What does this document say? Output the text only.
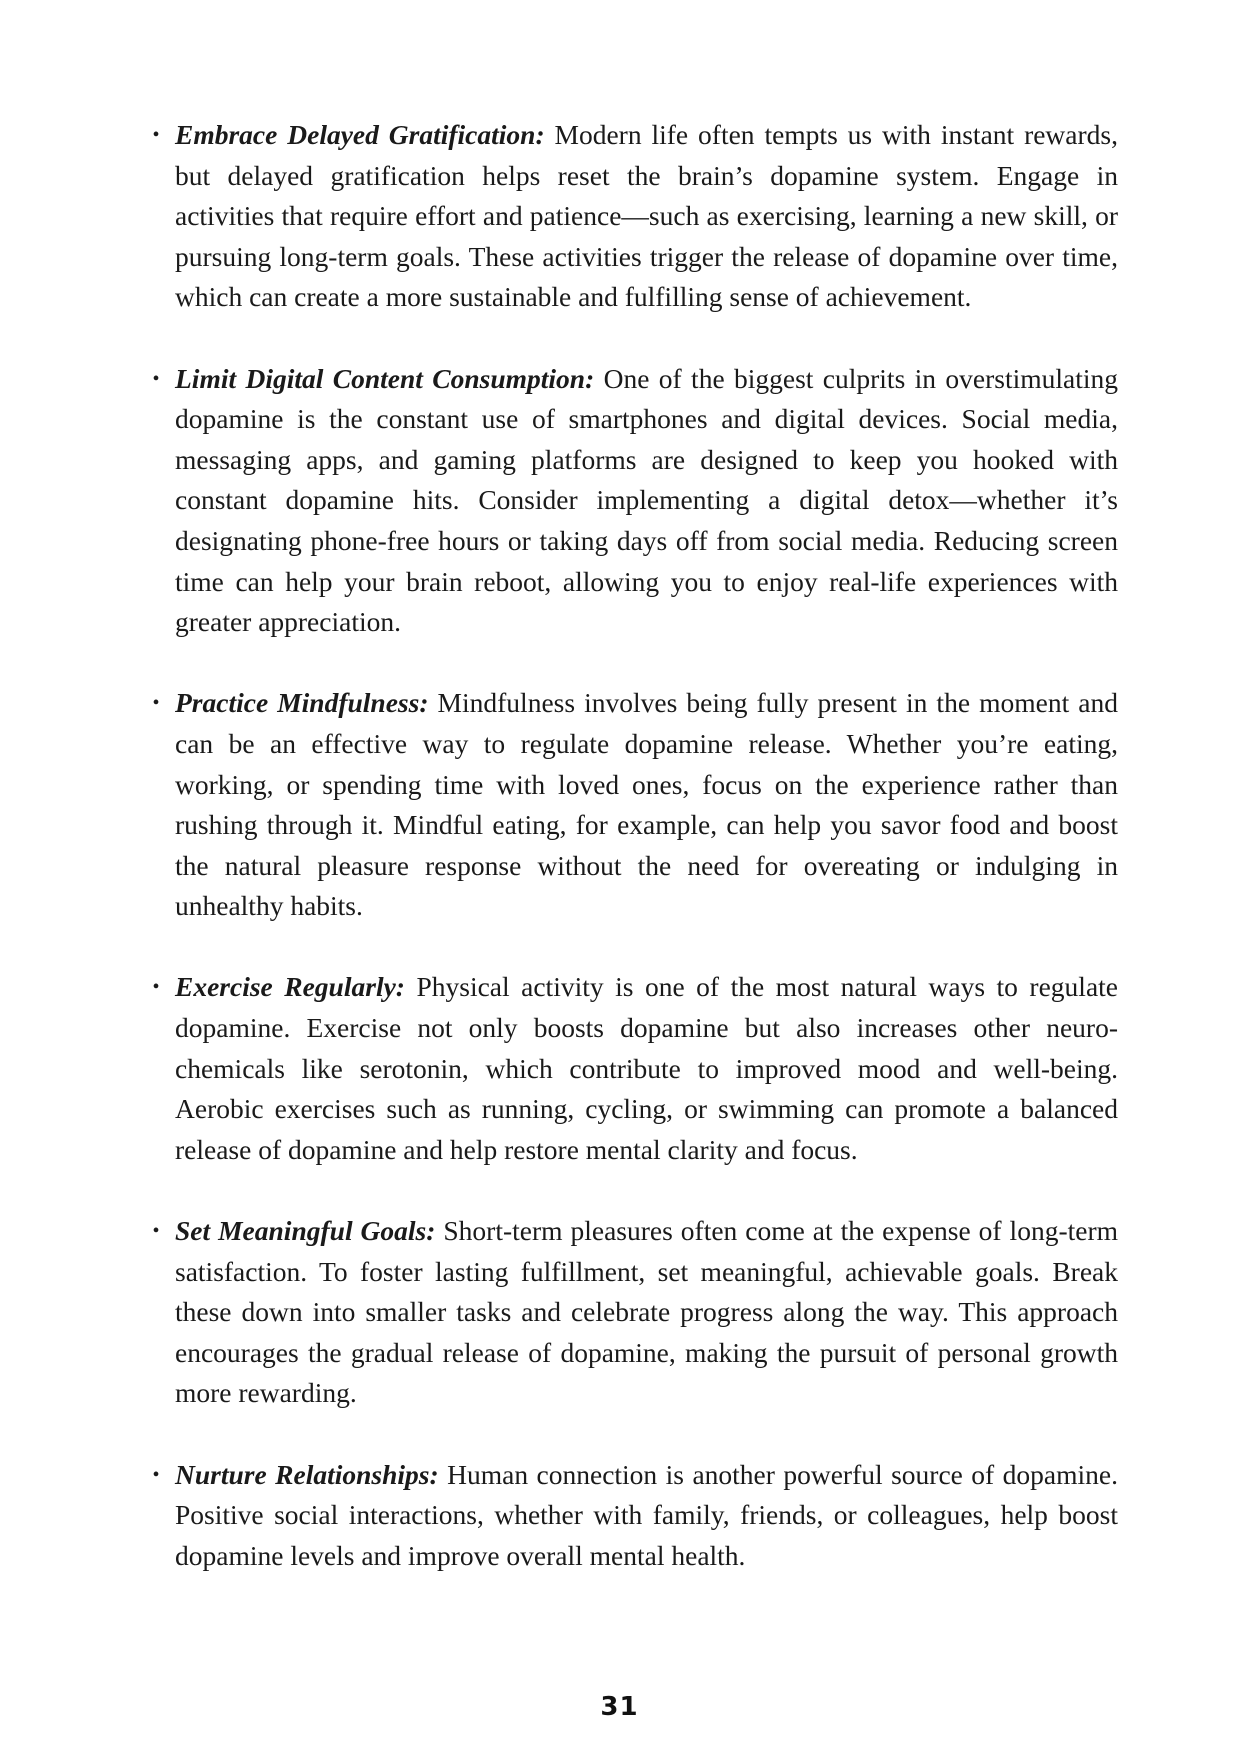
• Embrace Delayed Gratification: Modern life often tempts us with instant rewards, but delayed gratification helps reset the brain’s dopamine system. Engage in activities that require effort and patience—such as exercising, learning a new skill, or pursuing long-term goals. These activities trigger the release of dopamine over time, which can create a more sustainable and fulfilling sense of achievement.
• Limit Digital Content Consumption: One of the biggest culprits in overstimulating dopamine is the constant use of smartphones and digital devices. Social media, messaging apps, and gaming platforms are designed to keep you hooked with constant dopamine hits. Consider implementing a digital detox—whether it’s designating phone-free hours or taking days off from social media. Reducing screen time can help your brain reboot, allowing you to enjoy real-life experiences with greater appreciation.
• Practice Mindfulness: Mindfulness involves being fully present in the moment and can be an effective way to regulate dopamine release. Whether you’re eating, working, or spending time with loved ones, focus on the experience rather than rushing through it. Mindful eating, for example, can help you savor food and boost the natural pleasure response without the need for overeating or indulging in unhealthy habits.
• Exercise Regularly: Physical activity is one of the most natural ways to regulate dopamine. Exercise not only boosts dopamine but also increases other neuro-chemicals like serotonin, which contribute to improved mood and well-being. Aerobic exercises such as running, cycling, or swimming can promote a balanced release of dopamine and help restore mental clarity and focus.
• Set Meaningful Goals: Short-term pleasures often come at the expense of long-term satisfaction. To foster lasting fulfillment, set meaningful, achievable goals. Break these down into smaller tasks and celebrate progress along the way. This approach encourages the gradual release of dopamine, making the pursuit of personal growth more rewarding.
• Nurture Relationships: Human connection is another powerful source of dopamine. Positive social interactions, whether with family, friends, or colleagues, help boost dopamine levels and improve overall mental health.
31
